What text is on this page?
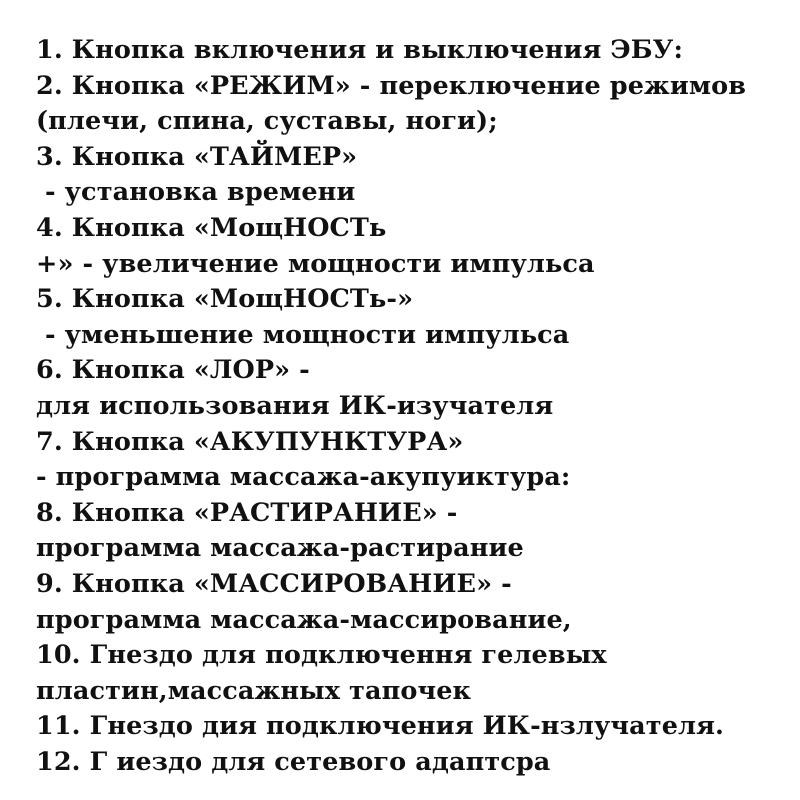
1. Кнопка включения и выключения ЭБУ:
2. Кнопка «РЕЖИМ» - переключение режимов
(плечи, спина, суставы, ноги);
3. Кнопка «ТАЙМЕР»
- установка времени
4. Кнопка «МощНОСТь
+» - увеличение мощности импульса
5. Кнопка «МощНОСТь-»
- уменьшение мощности импульса
6. Кнопка «ЛОР» -
для использования ИК-изучателя
7. Кнопка «АКУПУНКТУРА»
- программа массажа-акупуиктура:
8. Кнопка «РАСТИРАНИЕ» -
программа массажа-растирание
9. Кнопка «МАССИРОВАНИЕ» -
программа массажа-массирование,
10. Гнездо для подключення гелевых
пластин,массажных тапочек
11. Гнездо дия подключения ИК-нзлучателя.
12. Г иездо для сетевого адаптсра
